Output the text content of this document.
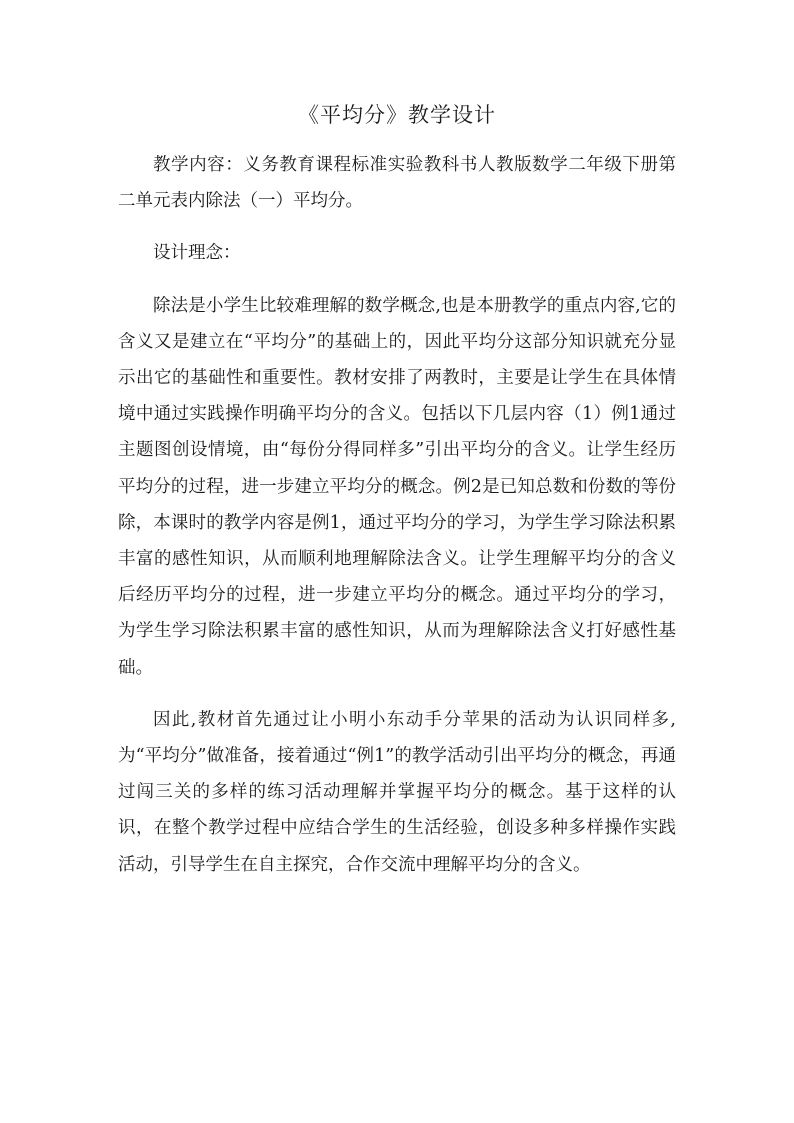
《平均分》教学设计

教学内容：义务教育课程标准实验教科书人教版数学二年级下册第二单元表内除法（一）平均分。

设计理念：

除法是小学生比较难理解的数学概念,也是本册教学的重点内容,它的含义又是建立在“平均分”的基础上的，因此平均分这部分知识就充分显示出它的基础性和重要性。教材安排了两教时，主要是让学生在具体情境中通过实践操作明确平均分的含义。包括以下几层内容（1）例1通过主题图创设情境，由“每份分得同样多”引出平均分的含义。让学生经历平均分的过程，进一步建立平均分的概念。例2是已知总数和份数的等份除，本课时的教学内容是例1，通过平均分的学习，为学生学习除法积累丰富的感性知识，从而顺利地理解除法含义。让学生理解平均分的含义后经历平均分的过程，进一步建立平均分的概念。通过平均分的学习，为学生学习除法积累丰富的感性知识，从而为理解除法含义打好感性基础。

因此,教材首先通过让小明小东动手分苹果的活动为认识同样多,为“平均分”做准备，接着通过“例1”的教学活动引出平均分的概念，再通过闯三关的多样的练习活动理解并掌握平均分的概念。基于这样的认识，在整个教学过程中应结合学生的生活经验，创设多种多样操作实践活动，引导学生在自主探究，合作交流中理解平均分的含义。
